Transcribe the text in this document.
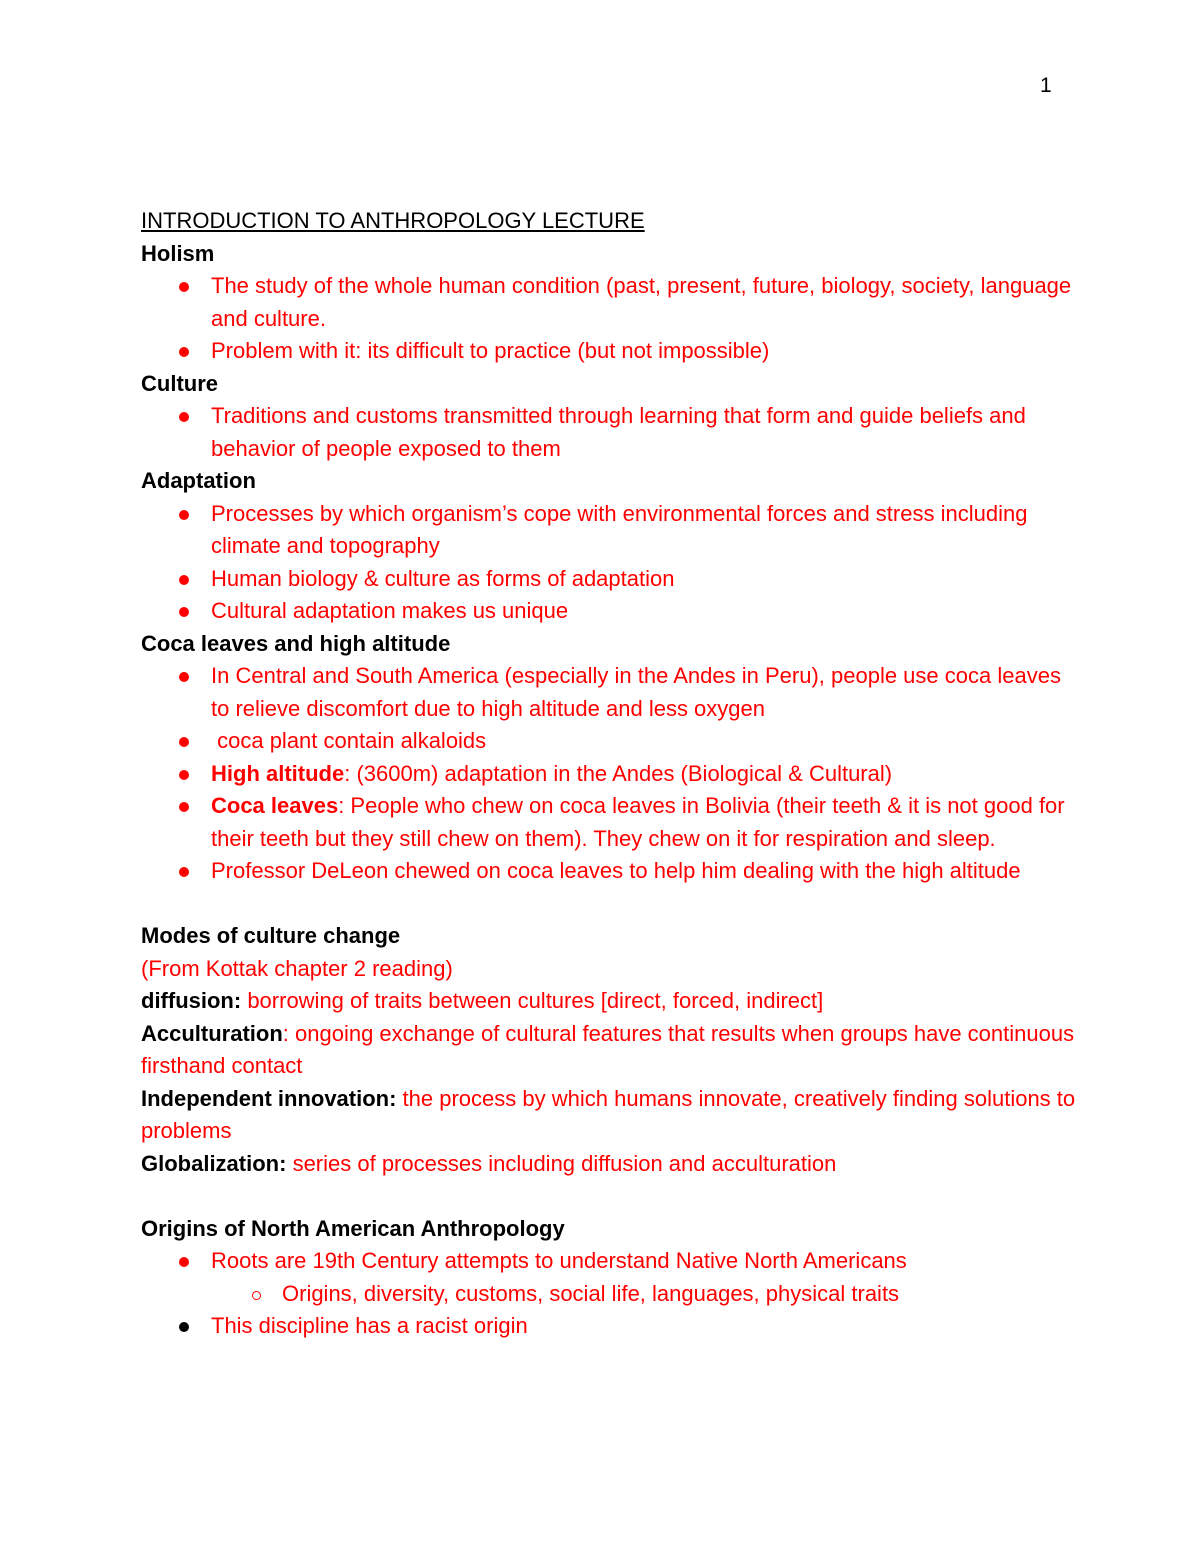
1
INTRODUCTION TO ANTHROPOLOGY LECTURE
Holism
The study of the whole human condition (past, present, future, biology, society, language and culture.
Problem with it: its difficult to practice (but not impossible)
Culture
Traditions and customs transmitted through learning that form and guide beliefs and behavior of people exposed to them
Adaptation
Processes by which organism’s cope with environmental forces and stress including climate and topography
Human biology & culture as forms of adaptation
Cultural adaptation makes us unique
Coca leaves and high altitude
In Central and South America (especially in the Andes in Peru), people use coca leaves to relieve discomfort due to high altitude and less oxygen
coca plant contain alkaloids
High altitude: (3600m) adaptation in the Andes (Biological & Cultural)
Coca leaves: People who chew on coca leaves in Bolivia (their teeth & it is not good for their teeth but they still chew on them). They chew on it for respiration and sleep.
Professor DeLeon chewed on coca leaves to help him dealing with the high altitude
Modes of culture change
(From Kottak chapter 2 reading)
diffusion: borrowing of traits between cultures [direct, forced, indirect]
Acculturation: ongoing exchange of cultural features that results when groups have continuous firsthand contact
Independent innovation: the process by which humans innovate, creatively finding solutions to problems
Globalization: series of processes including diffusion and acculturation
Origins of North American Anthropology
Roots are 19th Century attempts to understand Native North Americans
Origins, diversity, customs, social life, languages, physical traits
This discipline has a racist origin
